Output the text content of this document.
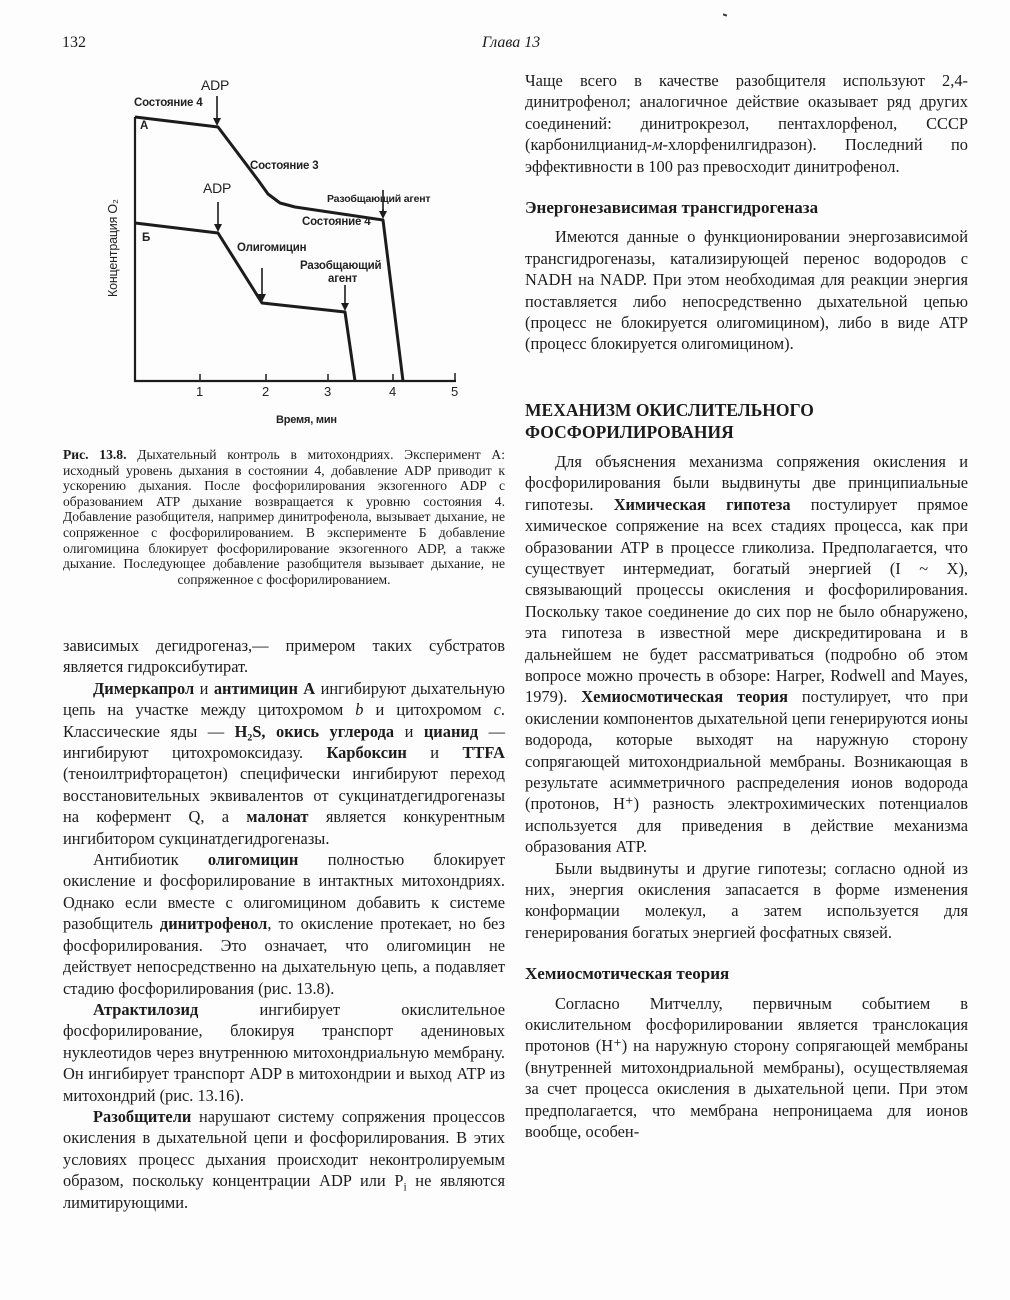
132	Глава 13
ADP
Состояние 4
A
Состояние 3
ADP
Разобщающий агент
Состояние 4
Б
Олигомицин
Разобщающий
агент
Концентрация O₂
1	2	3	4	5
Время, мин
Рис. 13.8. Дыхательный контроль в митохондриях. Эксперимент А: исходный уровень дыхания в состоянии 4, добавление ADP приводит к ускорению дыхания. После фосфорилирования экзогенного ADP с образованием ATP дыхание возвращается к уровню состояния 4. Добавление разобщителя, например динитрофенола, вызывает дыхание, не сопряженное с фосфорилированием. В эксперименте Б добавление олигомицина блокирует фосфорилирование экзогенного ADP, а также дыхание. Последующее добавление разобщителя вызывает дыхание, не сопряженное с фосфорилированием.

зависимых дегидрогеназ,— примером таких субстратов является гидроксибутират.

Димеркапрол и антимицин А ингибируют дыхательную цепь на участке между цитохромом b и цитохромом c. Классические яды — H₂S, окись углерода и цианид — ингибируют цитохромоксидазу. Карбоксин и TTFA (теноилтрифторацетон) специфически ингибируют переход восстановительных эквивалентов от сукцинатдегидрогеназы на кофермент Q, а малонат является конкурентным ингибитором сукцинатдегидрогеназы.

Антибиотик олигомицин полностью блокирует окисление и фосфорилирование в интактных митохондриях. Однако если вместе с олигомицином добавить к системе разобщитель динитрофенол, то окисление протекает, но без фосфорилирования. Это означает, что олигомицин не действует непосредственно на дыхательную цепь, а подавляет стадию фосфорилирования (рис. 13.8).

Атрактилозид ингибирует окислительное фосфорилирование, блокируя транспорт адениновых нуклеотидов через внутреннюю митохондриальную мембрану. Он ингибирует транспорт ADP в митохондрии и выход ATP из митохондрий (рис. 13.16).

Разобщители нарушают систему сопряжения процессов окисления в дыхательной цепи и фосфорилирования. В этих условиях процесс дыхания происходит неконтролируемым образом, поскольку концентрации ADP или $P_i$ не являются лимитирующими.

Чаще всего в качестве разобщителя используют 2,4-динитрофенол; аналогичное действие оказывает ряд других соединений: динитрокрезол, пентахлорфенол, CCCP (карбонилцианид-м-хлорфенилгидразон). Последний по эффективности в 100 раз превосходит динитрофенол.

Энергонезависимая трансгидрогеназа

Имеются данные о функционировании энергозависимой трансгидрогеназы, катализирующей перенос водородов с NADH на NADP. При этом необходимая для реакции энергия поставляется либо непосредственно дыхательной цепью (процесс не блокируется олигомицином), либо в виде ATP (процесс блокируется олигомицином).

МЕХАНИЗМ ОКИСЛИТЕЛЬНОГО
ФОСФОРИЛИРОВАНИЯ

Для объяснения механизма сопряжения окисления и фосфорилирования были выдвинуты две принципиальные гипотезы. Химическая гипотеза постулирует прямое химическое сопряжение на всех стадиях процесса, как при образовании ATP в процессе гликолиза. Предполагается, что существует интермедиат, богатый энергией (I ~ X), связывающий процессы окисления и фосфорилирования. Поскольку такое соединение до сих пор не было обнаружено, эта гипотеза в известной мере дискредитирована и в дальнейшем не будет рассматриваться (подробно об этом вопросе можно прочесть в обзоре: Harper, Rodwell and Mayes, 1979). Хемиосмотическая теория постулирует, что при окислении компонентов дыхательной цепи генерируются ионы водорода, которые выходят на наружную сторону сопрягающей митохондриальной мембраны. Возникающая в результате асимметричного распределения ионов водорода (протонов, H⁺) разность электрохимических потенциалов используется для приведения в действие механизма образования ATP.

Были выдвинуты и другие гипотезы; согласно одной из них, энергия окисления запасается в форме изменения конформации молекул, а затем используется для генерирования богатых энергией фосфатных связей.

Хемиосмотическая теория

Согласно Митчеллу, первичным событием в окислительном фосфорилировании является транслокация протонов (H⁺) на наружную сторону сопрягающей мембраны (внутренней митохондриальной мембраны), осуществляемая за счет процесса окисления в дыхательной цепи. При этом предполагается, что мембрана непроницаема для ионов вообще, особен-
